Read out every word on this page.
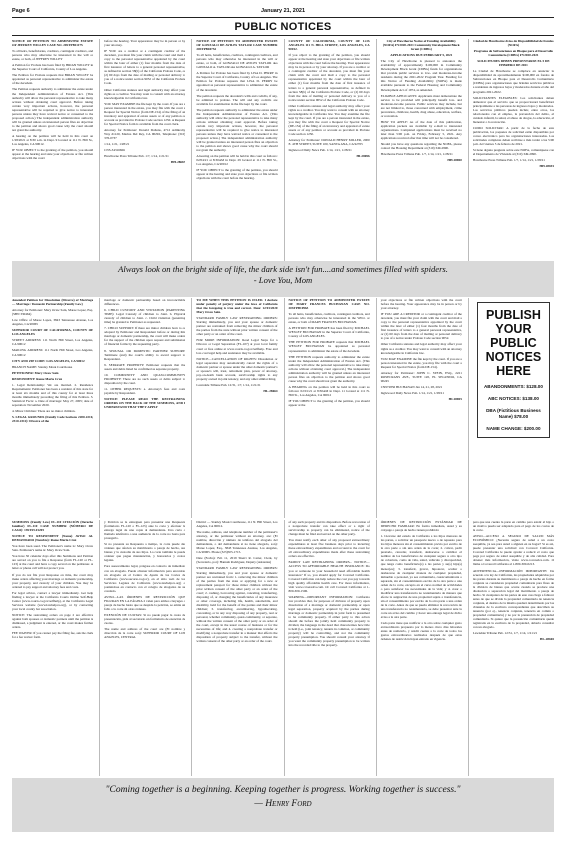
Page 6	January 21, 2021
PUBLIC NOTICES

NOTICE OF PETITION TO ADMINISTER ESTATE OF JEFFREY WILLEY CASE NO. 20STPB11175

To all heirs, beneficiaries, creditors, contingent creditors, and persons who may otherwise be interested in the will or estate, or both, of JEFFREY WILLEY

A Petition for Probate has been filed by BRIAN WILLEY in the Superior Court of California, County of Los Angeles.

The Petition for Probate requests that BRIAN WILLEY be appointed as personal representative to administer the estate of the decedent.

The Petition requests authority to administer the estate under the Independent Administration of Estates Act. (This authority will allow the personal representative to take many actions without obtaining court approval. Before taking certain very important actions, however, the personal representative will be required to give notice to interested persons unless they have waived notice or consented to the proposed action.) The independent administration authority will be granted unless an interested person files an objection to the petition and shows good cause why the court should not grant the authority.

A hearing on the petition will be held in this court on 1/28/2021 at 8:30 a.m. in Dept. 9 located at 111 N. Hill St., Los Angeles, CA 90012.

IF YOU OBJECT to the granting of the petition, you should appear at the hearing and state your objections or file written objections with the court

before the hearing. Your appearance may be in person or by your attorney.

IF YOU are a creditor or a contingent creditor of the decedent, you must file your claim with the court and mail a copy to the personal representative appointed by the court within the later of either (1) four months from the date of first issuance of letters to a general personal representative, as defined in section 58(b) of the California Probate Code, or (2) 60 days from the date of mailing or personal delivery to you of a notice under section 9052 of the California Probate Code.

Other California statutes and legal authority may affect your rights as a creditor. You may want to consult with an attorney knowledgeable in California law.

YOU MAY EXAMINE the file kept by the court. If you are a person interested in the estate, you may file with the court a Request for Special Notice (form DE-154) of the filing of an inventory and appraisal of estate assets or of any petition or account as provided in Probate Code section 1250. A Request for Special Notice form is available from the court clerk.

Attorney for Petitioner: Donald Dollens, 4712 Admiralty Way #1120, Marina Del Rey, CA 90292, Telephone: (310) 376-0737

1/14, 1/21, 1/28/21

CNS-3431660#

Hawthorne Press Tribune Pub. 1/7, 1/14, 1/21/21

HH-28667

NOTICE OF PETITION TO ADMINISTER ESTATE OF GONZALO DE AVILES TAYLOR CASE NUMBER 20STPB04752

To all heirs, beneficiaries, creditors, contingent creditors, and persons who may otherwise be interested in the will or estate, or both, of GONZALO DE AVILES TAYLOR aka GONZALO A. TAYLOR aka GONZALO A. TAYLOR

A Petition for Probate has been filed by LISA D. PERRY in the Superior Court of California, County of Los Angeles. The Petition for Probate requests that LISA D. PERRY be appointed as personal representative to administer the estate of the decedent.

The petition requests the decedent's wills and codicils, if any, be admitted to probate. The will and any codicils are available for examination in the file kept by the court.

The petition requests authority to administer the estate under the Independent Administration of Estates Act. (This authority will allow the personal representative to take many actions without obtaining court approval. Before taking certain very important actions, however, the personal representative will be required to give notice to interested persons unless they have waived notice or consented to the proposed action.) The independent administration authority will be granted unless an interested person files an objection to the petition and shows good cause why the court should not grant the authority.

A hearing on the petition will be held in this court as follows: 02/04/21 at 8:30AM in Dept. 29 located at 111 N. Hill St., Los Angeles, CA 90012

IF YOU OBJECT to the granting of the petition, you should appear at the hearing and state your objections or file written objections with the court before the hearing.

COUNTY OF CALIFORNIA, COUNTY OF LOS ANGELES 111 N. HILL STREET, LOS ANGELES, CA 90012.

If you object to the granting of the petition, you should appear at the hearing and state your objections or file written objections with the court before the hearing. Your appearance may be in person or by your attorney. If you are a creditor or a contingent creditor of the decedent, you must file your claim with the court and mail a copy to the personal representative appointed by the court within the later of either (1) four months from the date of first issuance of letters to a general personal representative, as defined in section 58(b) of the California Probate Code, or (2) 60 days from the date of mailing or personal delivery to you of a notice under section 9052 of the California Probate Code.

Other California statutes and legal authority may affect your rights as a creditor. You may want to consult with an attorney knowledgeable in California law. You may examine the file kept by the court. If you are a person interested in the estate, you may file with the court a Request for Special Notice (DE-154) of the filing of an inventory and appraisal of estate assets or of any petition or account as provided in Probate Code section 1250.

Attorney for Petitioner: DONALD HENRY MILLER, 2000 E. 4TH STREET, SUITE 100, SANTA ANA, CA 92705

Inglewood Daily News Pub. 1/14, 1/21, 1/28/21

HI-28696

City of Hawthorne Notice of Funding Availability (NOFA) FY2020-2021 Community Development Block Grant (CDBG)

APPLICATIONS DUE FEBRUARY 5, 2021

The City of Hawthorne is pleased to announce the availability of approximately $100,000 in Community Development Block Grant (CDBG) funds for organizations that provide public services to low- and moderate-income residents during the 2021-2022 Program Year. Funding for this Notice of Funding Availability (NOFA) is made available pursuant to the Federal Housing and Community Development Act of 1974, as amended.

ELIGIBLE APPLICANTS: Applicants must demonstrate the service to be provided will principally benefit low- and moderate-income persons. Public services may include, but are not limited to, those concerned with employment, crime prevention, childcare, health, drug abuse, education, welfare, or recreation.

HOW TO APPLY: As of the date of this publication, application packets are available by e-mail to interested organizations. Completed applications must be received no later than 5:00 p.m. on Friday, February 5, 2021. Any applications received after that time will not be considered.

Should you have any questions regarding the NOFA, please contact the Housing Department at (310) 349-2990.

Hawthorne Press Tribune Pub. 1/7, 1/14, 1/21, 1/28/21

HH-28690

Ciudad de Hawthorne Aviso de Disponibilidad de Fondos (NOFA)

Programa de Subvenciones en Bloque para el Desarrollo Comunitario (CDBG) FY2020-2021

SOLICITUDES DEBEN PRESENTARSE EL 5 DE FEBRERO DE 2021

La Ciudad de Hawthorne se complace en anunciar la disponibilidad de aproximadamente $100,000 en fondos de Subvenciones en Bloque para el Desarrollo Comunitario (CDBG) para organizaciones que brindan servicios públicos a residentes de ingresos bajos y moderados durante el año del programa 2021-2022.

SOLICITANTES ELEGIBLES: Los solicitantes deben demostrar que el servicio que se proporcionará beneficiará principalmente a las personas de ingresos bajos y moderados. Los servicios públicos pueden incluir, entre otros, los relacionados con el empleo, la prevención del delito, el cuidado infantil, la salud, el abuso de drogas, la educación, el bienestar o la recreación.

COMO SOLICITAR: A partir de la fecha de esta publicación, los paquetes de solicitud están disponibles por correo electrónico para las organizaciones interesadas. Las solicitudes completas deben recibirse a más tardar a las 5:00 p.m. del viernes 5 de febrero de 2021.

Si tiene alguna pregunta sobre este NOFA, comuníquese con el Departamento de Vivienda al (310) 349-2990.

Hawthorne Press Tribune Pub. 1/7, 1/14, 1/21, 1/28/21

HH-28691

Always look on the bright side of life, the dark side isn't fun....and sometimes filled with spiders.
- Love You, Mom

Amended Petition for Dissolution (Divorce) of Marriage — Marriage / Domestic Partnership (Family Law)

Attorney for Petitioner: Mary Ocaw Sain, Maree Lopez, Esq. (SBN 330464)

Law Office of Maree Lopez, 3843 Tennessee Avenue, Los Angeles, CA 90065

SUPERIOR COURT OF CALIFORNIA, COUNTY OF LOS ANGELES

STREET ADDRESS: 111 North Hill Street, Los Angeles, CA 90012

MAILING ADDRESS: 111 North Hill Street, Los Angeles, CA 90012

CITY AND ZIP CODE: LOS ANGELES, CA 90012

BRANCH NAME: Stanley Mosk Courthouse

PETITIONER: Mary Ocaw Sain

RESPONDENT: Rome Maria Cruz

1. Legal Relationship: We are married. 2. Residence Requirements: Petitioner has been a resident of this state for at least six months and of this county for at least three months immediately preceding the filing of this Petition. 3. Statistical Facts: a. Date of marriage: May 27, 2005; date of separation: November 2020.

4. Minor Children: There are no minor children.

5. LEGAL GROUNDS (Family Code Sections 2200-2210, 2310-2312): Divorce of the

marriage or domestic partnership based on irreconcilable differences.

6. CHILD CUSTODY AND VISITATION (PARENTING TIME): Legal Custody of children to Joint. b. Physical custody of children to Joint. c. Child visitation (parenting time) be granted to Petitioner as requested.

7. CHILD SUPPORT: If there are minor children born to or adopted by Petitioner and Respondent before or during this marriage or domestic partnership, the court will make orders for the support of the children upon request and submission of financial forms by the requesting party.

8. SPOUSAL OR DOMESTIC PARTNER SUPPORT: Terminate (end) the court's ability to award support to Respondent.

9. SEPARATE PROPERTY: Petitioner requests that the assets and debts listed be confirmed as separate property.

10. COMMUNITY AND QUASI-COMMUNITY PROPERTY: There are no such assets or debts subject to disposition by the court.

11. OTHER REQUESTS: a. Attorney's fees and costs payable by Respondent.

NOTICE: PLEASE READ THE RESTRAINING ORDERS ON THE BACK OF THE SUMMONS, AND I UNDERSTAND THAT THEY APPLY

TO ME WHEN THIS PETITION IS FILED. I declare under penalty of perjury under the laws of California that the foregoing is true and correct. Date: 12/01/2020 Mary Ocaw Sain.

STANDARD FAMILY LAW RESTRAINING ORDERS: Starting immediately, you and your spouse or domestic partner are restrained from removing the minor children of the parties from the state without prior written consent of the other party or an order of the court.

FOR MORE INFORMATION: Read Legal Steps for a Divorce or Legal Separation (FL-107) at your local family court or free online at www.courts.ca.gov/selfhelp. Free and low-cost legal help and assistance may be available.

NOTICE—CANCELLATION OF RIGHTS: Dissolution or legal separation may automatically cancel the rights of a domestic partner or spouse under the other domestic partner's or spouse's will, trust, retirement plan, power of attorney, pay-on-death bank account, survivorship rights to any property owned in joint tenancy, and any other similar thing.

Lawndale Tribune Pub. 12/31, 1/7, 1/14, 1/21/21

HL-28664

NOTICE OF PETITION TO ADMINISTER ESTATE OF MARY FRANCES BUCHANAN CASE NO. 20STPB10963

To all heirs, beneficiaries, creditors, contingent creditors, and persons who may otherwise be interested in the WILL or estate, or both of MARY FRANCES BUCHANAN.

A PETITION FOR PROBATE has been filed by MICHAEL WESLEY BUCHANAN in the Superior Court of California, County of LOS ANGELES.

THE PETITION FOR PROBATE requests that MICHAEL WESLEY BUCHANAN be appointed as personal representative to administer the estate of the decedent.

THE PETITION requests authority to administer the estate under the Independent Administration of Estates Act. (This authority will allow the personal representative to take many actions without obtaining court approval.) The independent administration authority will be granted unless an interested person files an objection to the petition and shows good cause why the court should not grant the authority.

A HEARING on the petition will be held in this court as follows: 02/01/21 at 8:30AM in Dept. 11 located at 111 N. Hill St., Los Angeles, CA 90012

IF YOU OBJECT to the granting of the petition, you should appear at the

your objections or file written objections with the court before the hearing. Your appearance may be in person or by your attorney.

IF YOU ARE A CREDITOR or a contingent creditor of the decedent, you must file your claim with the court and mail a copy to the personal representative appointed by the court within the later of either (1) four months from the date of first issuance of letters to a general personal representative, or (2) 60 days from the date of mailing or personal delivery to you of a notice under Probate Code section 9052.

Other California statutes and legal authority may affect your rights as a creditor. You may want to consult with an attorney knowledgeable in California law.

YOU MAY EXAMINE the file kept by the court. If you are a person interested in the estate, you may file with the court a Request for Special Notice (form DE-154).

Attorney for Petitioner: JOHN C. STEIN, ESQ., 2221 ROSECRANS AVE., SUITE 120, EL SEGUNDO, CA 90245

CN972856 BUCHANAN Jan 14, 21, 28, 2021

Inglewood Daily News Pub. 1/14, 1/21, 1/28/21

HI-28695

PUBLISH
YOUR
PUBLIC
NOTICES
HERE
ABANDONMENTS: $128.00
ABC NOTICES: $138.00
DBA (Fictitious Business Name) $78.00
NAME CHANGE: $200.00

SUMMONS (Family Law) FL-110 CITACIÓN (Derecho familiar) FL-110 CASE NUMBER (NÚMERO DE CASO): 19STFL01205

NOTICE TO RESPONDENT (Name) AVISO AL DEMANDADO (Nombre): Rome Maria Cruz

You have been sued. The Petitioner's name is: Mary Ocaw Sain. Petitioner's name is: Mary Ocaw Sain.

You have 30 calendar days after this Summons and Petition are served on you to file a Response (form FL-120 or FL-123) at the court and have a copy served on the petitioner. A letter or phone call will not protect you.

If you do not file your Response on time, the court may make orders affecting your marriage or domestic partnership, your property, and custody of your children. You may be ordered to pay support and attorney fees and costs.

For legal advice, contact a lawyer immediately. Get help finding a lawyer at the California Courts Online Self-Help Center (www.courts.ca.gov/selfhelp), at the California Legal Services website (www.lawhelpca.org), or by contacting your local county bar association.

NOTICE: The restraining orders on page 2 are effective against both spouses or domestic partners until the petition is dismissed, a judgment is entered, or the court makes further orders.

FEE WAIVER: If you cannot pay the filing fee, ask the clerk for a fee waiver form.

y Petición se le entreguen para presentar una Respuesta (formulario FL-120 o FL-123) ante la corte y efectuar la entrega legal de una copia al demandante. Una carta o llamada telefónica o una audiencia de la corte no basta para protegerlo.

Si no presenta su Respuesta a tiempo, la corte puede dar órdenes que afecten su matrimonio o pareja de hecho, sus bienes y la custodia de sus hijos. La corte también le puede ordenar que pague manutención, y honorarios y costos legales.

Para asesoramiento legal, póngase en contacto de inmediato con un abogado. Puede obtener información para encontrar un abogado en el Centro de Ayuda de las Cortes de California (www.sucorte.ca.gov), en el sitio web de los Servicios Legales de California (www.lawhelpca.org) o poniéndose en contacto con el colegio de abogados de su condado.

AVISO—LAS ÓRDENES DE RESTRICCIÓN QUE FIGURAN EN LA PÁGINA 2 valen para ambos cónyuges o pareja de hecho hasta que se despida la petición, se emita un fallo o la corte dé otras órdenes.

EXENCIÓN DE CUOTAS: Si no puede pagar la cuota de presentación, pida al secretario un formulario de exención de cuotas.

The name and address of the court are (El nombre y dirección de la corte son): SUPERIOR COURT OF LOS ANGELES, CENTRAL

District — Stanley Mosk Courthouse, 111 N. Hill Street, Los Angeles, CA 90012.

The name, address, and telephone number of the petitioner's attorney, or the petitioner without an attorney, are: (El nombre, dirección y número de teléfono del abogado del demandante, o del demandante si no tiene abogado, son): Maree Lopez, Esq., 3843 Tennessee Avenue, Los Angeles, CA 90065. Phone (323)505-1715.

Date (Fecha): Feb 11, 2019 Sherri R. Carter, Clerk, by (Secretario, por): Hannah Rodriguez, Deputy (Asistente)

STANDARD FAMILY LAW RESTRAINING ORDERS: Starting immediately, you and your spouse or domestic partner are restrained from: 1. removing the minor children of the parties from the state or applying for a new or replacement passport for those minor children without the prior written consent of the other party or an order of the court; 2. cashing, borrowing against, canceling, transferring, disposing of, or changing the beneficiaries of any insurance or other coverage, including life, health, automobile, and disability, held for the benefit of the parties and their minor children; 3. transferring, encumbering, hypothecating, concealing, or in any way disposing of any property, real or personal, whether community, quasi-community, or separate, without the written consent of the other party or an order of the court, except in the usual course of business or for the necessities of life; and 4. creating a nonprobate transfer or modifying a nonprobate transfer in a manner that affects the disposition of property subject to the transfer, without the written consent of the other party or an order of the court.

of any such property and its disposition. Before revocation of a nonprobate transfer can take effect or a right of survivorship to property can be eliminated, notice of the change must be filed and served on the other party.

You must notify each other of any proposed extraordinary expenditures at least five business days prior to incurring these extraordinary expenditures and account to the court for all extraordinary expenditures made after these restraining orders are effective.

FAMILY LAW RESTRAINING ORDERS... NOTICE—ACCESS TO AFFORDABLE HEALTH INSURANCE: Do you or someone in your household need affordable health insurance? If so, you should apply for Covered California. Covered California can help reduce the cost you pay towards high quality affordable health care. For more information, visit www.coveredca.com. Or call Covered California at 1-800-300-1506.

WARNING—IMPORTANT INFORMATION: California law provides that, for purposes of division of property upon dissolution of a marriage or domestic partnership or upon legal separation, property acquired by the parties during marriage or domestic partnership in joint form is presumed to be community property. If either party to this action should die before the jointly held community property is divided, the language in the deed that characterizes how title is held (i.e., joint tenancy, tenants in common, or community property) will be controlling, and not the community property presumption. You should consult your attorney if you want the community property presumption to be written into the recorded title to the property.

ÓRDENES DE RESTRICCIÓN ESTÁNDAR DE DERECHO FAMILIAR: En forma inmediata, usted y su cónyuge o pareja de hecho tienen prohibido:

1. Llevarse del estado de California a los hijos menores de las partes, o solicitar un pasaporte nuevo o de repuesto para los hijos menores sin el consentimiento previo por escrito de la otra parte o sin una orden de la corte; 2. cobrar, pedir prestado, cancelar, transferir, deshacerse o cambiar el nombre de los beneficiarios de cualquier seguro u otro tipo de cobertura, como de vida, salud, vehículo y discapacidad, que tenga como beneficiario(s) a las partes y su(s) hijo(s) menor(es); 3. transferir, gravar, hipotecar, ocultar o deshacerse de cualquier manera de cualquier propiedad, inmueble o personal, ya sea comunitaria, cuasicomunitaria o separada, sin el consentimiento escrito de la otra parte o una orden de la corte, excepto en el curso normal de actividades o para satisfacer las necesidades de la vida; y 4. crear o modificar una transferencia no testamentaria de manera que afecte la asignación de una propiedad sujeta a transferencia, sin el consentimiento por escrito de la otra parte o una orden de la corte. Antes de que se pueda eliminar la revocación de una transferencia no testamentaria, se debe presentar ante la corte un aviso del cambio y hacer una entrega legal de dicho aviso a la otra parte.

Cada parte tiene que notificar a la otra sobre cualquier gasto extraordinario propuesto por lo menos cinco días laborales antes de realizarlo, y rendir cuenta a la corte de todos los gastos extraordinarios realizados después de que estas órdenes de restricción hayan entrado en vigencia.

para que una cuenta la parte en cambio para asistir al hijo o un motivo pueda ser adaptado para el pago de los costos de la corte.

AVISO—ACCESO A SEGURO DE SALUD MÁS ECONÓMICO: ¿Necesita seguro de salud a un costo asequible, ya sea para usted o alguien en su hogar? Si es así, puede presentar una solicitud con Covered California. Covered California le puede ayudar a reducir el costo que paga por seguro de salud asequible y de alta calidad. Para obtener más información, visite www.coveredca.com. O llame a Covered California al 1-800-300-0213.

ADVERTENCIA—INFORMACIÓN IMPORTANTE: De acuerdo a la ley de California, las propiedades adquiridas por las partes durante su matrimonio o pareja de hecho en forma conjunta se consideran propiedad comunitaria para fines de la división de bienes que ocurre cuando se produce una disolución o separación legal del matrimonio o pareja de hecho. Si cualquiera de las partes de este caso llega a fallecer antes de que se divida la propiedad comunitaria de tenencia conjunta, el destino de la misma quedará determinado por las cláusulas de la escritura correspondiente que describen su tenencia (por ej., tenencia conjunta, tenencia en común o propiedad comunitaria) y no por la presunción de propiedad comunitaria. Si quiere que la presunción comunitaria quede registrada en la escritura de la propiedad, debería consultar con un abogado.

Lawndale Tribune Pub. 12/31, 1/7, 1/14, 1/21/21

HL-28665

"Coming together is a beginning. Keeping together is progress. Working together is success."
— Henry Ford
